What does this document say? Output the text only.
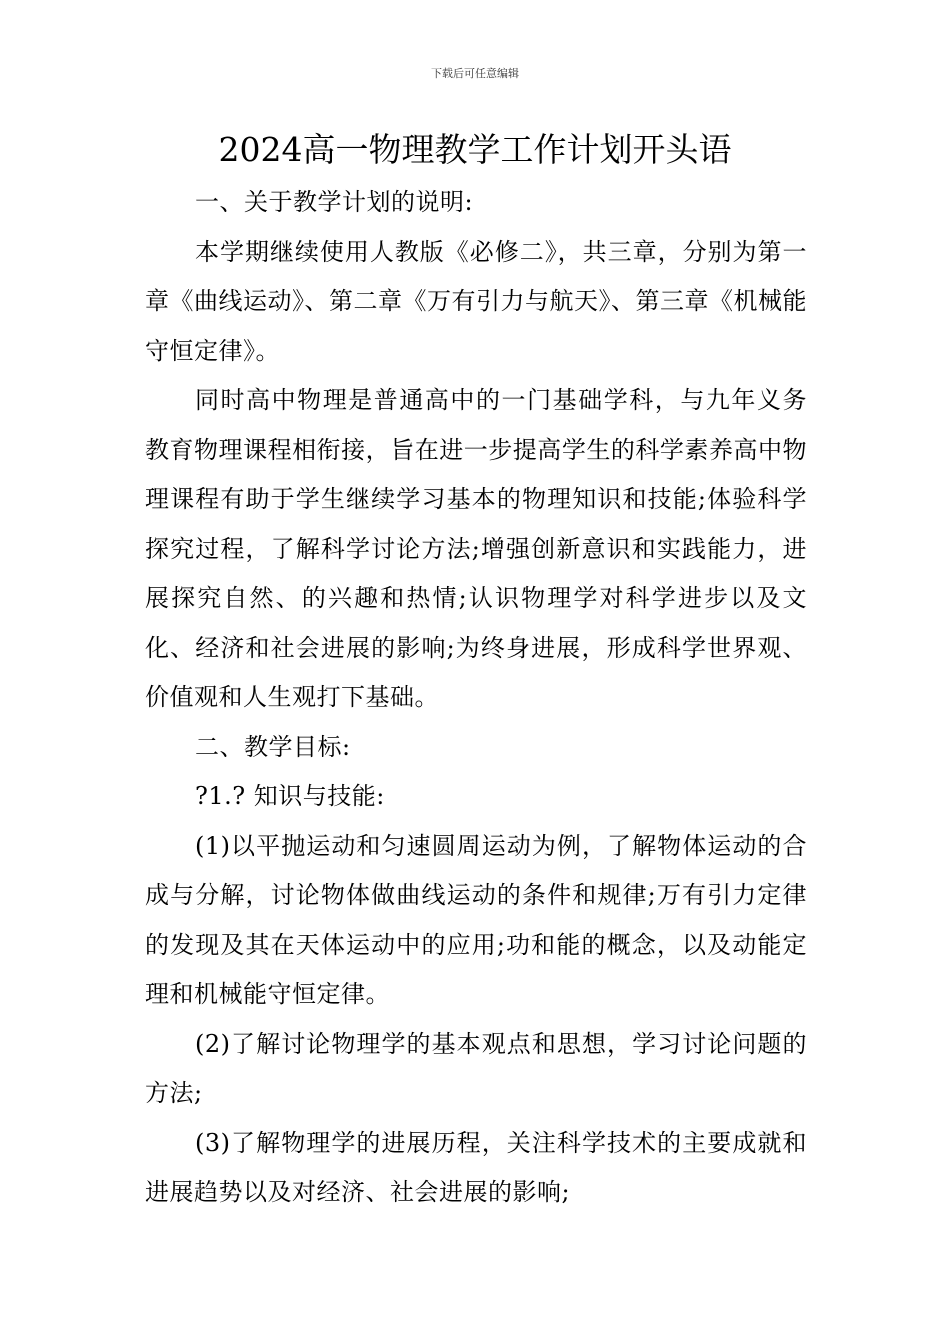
下载后可任意编辑
2024高一物理教学工作计划开头语

一、关于教学计划的说明:

本学期继续使用人教版《必修二》，共三章，分别为第一章《曲线运动》、第二章《万有引力与航天》、第三章《机械能守恒定律》。

同时高中物理是普通高中的一门基础学科，与九年义务教育物理课程相衔接，旨在进一步提高学生的科学素养高中物理课程有助于学生继续学习基本的物理知识和技能;体验科学探究过程，了解科学讨论方法;增强创新意识和实践能力，进展探究自然、的兴趣和热情;认识物理学对科学进步以及文化、经济和社会进展的影响;为终身进展，形成科学世界观、价值观和人生观打下基础。

二、教学目标:

?1.? 知识与技能:

(1)以平抛运动和匀速圆周运动为例，了解物体运动的合成与分解，讨论物体做曲线运动的条件和规律;万有引力定律的发现及其在天体运动中的应用;功和能的概念，以及动能定理和机械能守恒定律。

(2)了解讨论物理学的基本观点和思想，学习讨论问题的方法;

(3)了解物理学的进展历程，关注科学技术的主要成就和进展趋势以及对经济、社会进展的影响;
